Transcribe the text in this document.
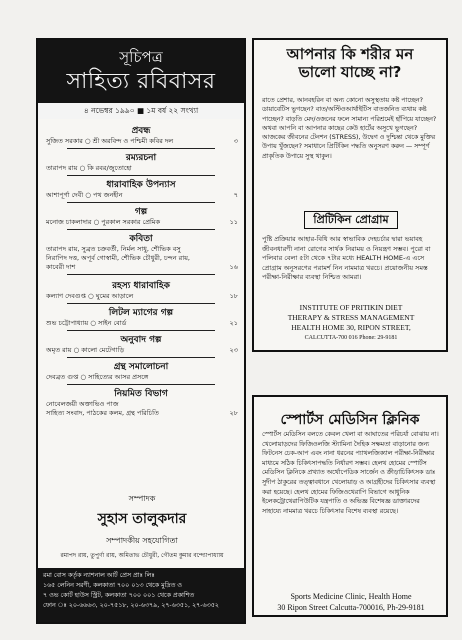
সূচিপত্র
সাহিত্য রবিবাসর
৪ নভেম্বর ১৯৯০ ■ ১ম বর্ষ ২২ সংখ্যা
প্রবন্ধ
সুজিত সরকার ○ শ্রী অরবিন্দ ও পশ্চিমী কবির দল	৩
রম্যরচনা
তারাপদ রায় ○ কি রবর/জুতোহো
ধারাবাহিক উপন্যাস
আশাপূর্ণা দেবী ○ পথ জনহীন	৭
গল্প
মনোজ চাকলাদার ○ পুরকাল সরকার প্রেমিক	১১
কবিতা
তারাপদ রায়, সুব্রত চক্রবর্তী, নির্মল সাধু, শৌভিক বসু
নিরাপিদ দত্ত, অপূর্ব গোস্বামী, শৌভিক চৌধুরী, চন্দন রায়,
কাবেরী দাশ	১৬
রহস্য ধারাবাহিক
কল্যাণ দেবগুপ্ত ○ ঘুমের আড়ালে	১৮
লিটল ম্যাগের গল্প
শুভ চট্টোপাধ্যায় ○ সাইন বোর্ড	২১
অনুবাদ গল্প
অমৃত রায় ○ কালো মেটেগাড়ি	২৩
গ্রন্থ সমালোচনা
দেবব্রত গুপ্ত ○ সাহিত্যের আসর প্রসঙ্গে
নিয়মিত বিভাগ
নোবেলজয়ী অক্তাভিও পাজ
সাহিত্য সংবাদ, পাঠকের কলম, গ্রন্থ পরিচিতি	২৮
সম্পাদক
সুহাস তালুকদার
সম্পাদকীয় সহযোগিতা
রমাপদ রায়, তুপুর্ণা রায়, অমিতাভ চৌধুরী, গৌতম কুমার বন্দ্যোপাধ্যায়
রমা বোস কর্তৃক ন্যাশনাল আর্ট প্রেস প্রাঃ লিঃ
১৬৫ লেনিন সরণী, কলকাতা ৭০০ ০১৩ থেকে মুদ্রিত ও
৭ ওভ কোর্ট হাউস স্ট্রিট, কলকাতা ৭০০ ০০১ থেকে প্রকাশিত
ফোন ঃ ২০-৬৬৬৩, ২০-৭৫১৮, ২০-৬৩৭৯, ২৭-৬৩৫১, ২৭-৬৩৫২
আপনার কি শরীর মন
ভালো যাচ্ছে না?
রাতে প্রেশার, আনবহরিন বা অন্য কোনো অসুস্থতায় কষ্ট পাচ্ছেন? ডায়াবেটিস ভুগছেন? বাত/অস্টিওআর্থাইটিস বাতজনিত ব্যথায় কষ্ট পাচ্ছেন? বাড়তি মেদ/ওজনের ফলে সামান্য পরিশ্রমেই হাঁপিয়ে যাচ্ছেন? অথবা আপনি বা আপনার কাছের কেউ হার্টের অসুখে ভুগছেন? আজকের জীবনের টেনশন (STRESS), উদ্বেগ ও দুশ্চিন্তা থেকে মুক্তির উপায় খুঁজছেন? সমাধানে প্রিটিকিন পদ্ধতি অনুসরণ করুন — সম্পূর্ণ প্রাকৃতিক উপায়ে সুস্থ থাকুন।
প্রিটিকিন প্রোগ্রাম
পুষ্টি প্রক্রিয়ার আহার-বিধি আর স্বাভাবিক দেহচর্চার দ্বারা ভয়াবহ জীবনধারণী নানা রোগের সার্থক নিরাময় ও নিয়ন্ত্রণ সম্ভব। পুরো বা পলিবার বেলা ৫টা থেকে ৭টার মধ্যে HEALTH HOME-এ এসে প্রোগ্রাম অনুসরণের পরামর্শ নিন নামমাত্র খরচে। প্রয়োজনীয় সমস্ত পরীক্ষা-নিরীক্ষার ব্যবস্থা নিশ্চিত আমরা।
INSTITUTE OF PRITIKIN DIET
THERAPY & STRESS MANAGEMENT
HEALTH HOME 30, RIPON STREET,
CALCUTTA-700 016 Phone: 29-9181
স্পোর্টস মেডিসিন ক্লিনিক
স্পোর্টস মেডিসিন বলতে কেবল খেলা বা আঘাতের পরিচর্যা বোঝায় না। খেলোয়াড়দের ফিজিওলজি স্ট্যামিনা দৈহিক সক্ষমতা বাড়ানোর জন্য ফিটনেস চেক-আপ এবং নানা ধরনের প্যাথলজিক্যাল পরীক্ষা-নিরীক্ষার মাধ্যমে সঠিক চিকিৎসাপদ্ধতি নির্ধারণ সম্ভব। হেলথ হোমের স্পোর্টস মেডিসিন ক্লিনিকে প্রখ্যাত অর্থোপেডিক সার্জেন ও ক্রীড়াচিকিৎসক ডাঃ সুদীপ ঠাকুরের তত্ত্বাবধানে খেলোয়াড় ও আগ্রহীদের চিকিৎসার ব্যবস্থা করা হয়েছে। হেলথ হোমের ফিজিওথেরাপি বিভাগে আধুনিক ইলেকট্রোথেরাপিউটিক যন্ত্রপাতি ও অভিজ্ঞ বিশেষজ্ঞ ডাক্তারদের সাহায্যে নামমাত্র খরচে চিকিৎসার বিশেষ ব্যবস্থা রয়েছে।
Sports Medicine Clinic, Health Home
30 Ripon Street Calcutta-700016, Ph-29-9181
